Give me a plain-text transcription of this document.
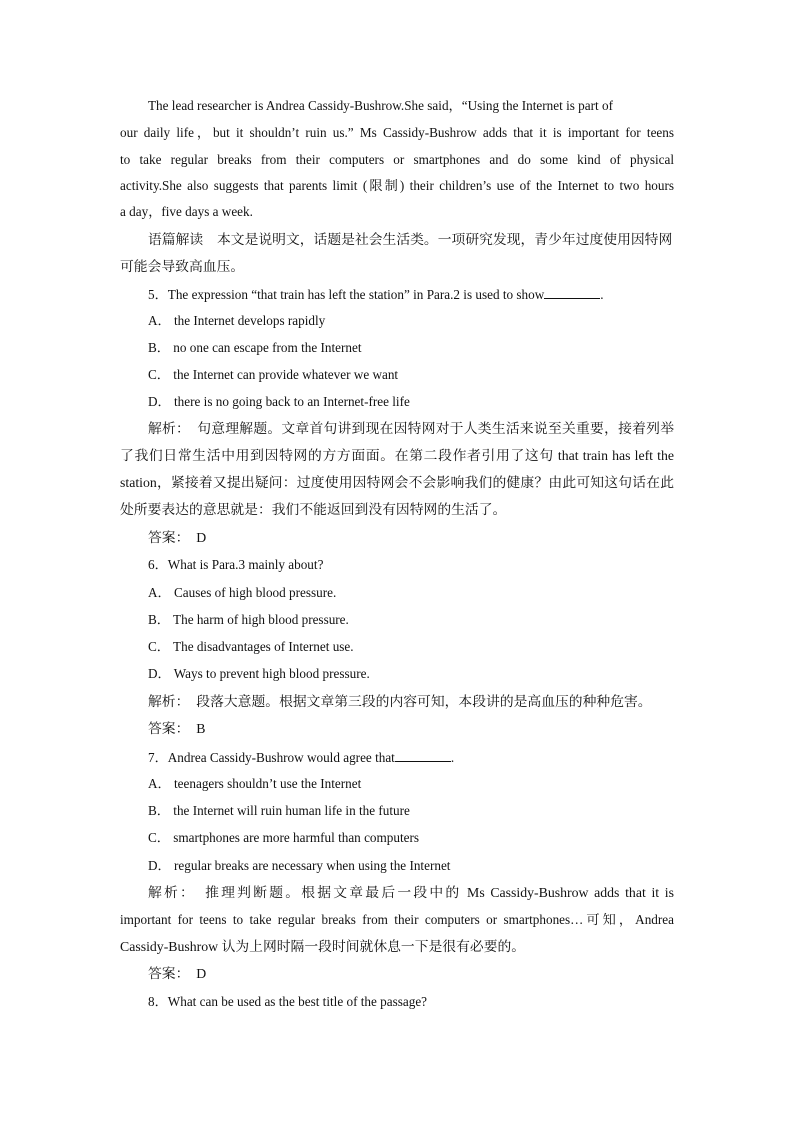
The lead researcher is Andrea Cassidy-Bushrow.She said，“Using the Internet is part of
our daily life，but it shouldn’t ruin us.” Ms Cassidy-Bushrow adds that it is important for teens
to take regular breaks from their computers or smartphones and do some kind of physical
activity.She also suggests that parents limit (限制) their children’s use of the Internet to two hours
a day，five days a week.
语篇解读　本文是说明文，话题是社会生活类。一项研究发现，青少年过度使用因特网
可能会导致高血压。
5．The expression “that train has left the station” in Para.2 is used to show	.
A． the Internet develops rapidly
B． no one can escape from the Internet
C． the Internet can provide whatever we want
D． there is no going back to an Internet-free life
解析：　句意理解题。文章首句讲到现在因特网对于人类生活来说至关重要，接着列举
了我们日常生活中用到因特网的方方面面。在第二段作者引用了这句 that train has left the
station，紧接着又提出疑问：过度使用因特网会不会影响我们的健康？由此可知这句话在此
处所要表达的意思就是：我们不能返回到没有因特网的生活了。
答案：　D
6．What is Para.3 mainly about?
A． Causes of high blood pressure.
B． The harm of high blood pressure.
C． The disadvantages of Internet use.
D． Ways to prevent high blood pressure.
解析：　段落大意题。根据文章第三段的内容可知，本段讲的是高血压的种种危害。
答案：　B
7．Andrea Cassidy-Bushrow would agree that	.
A． teenagers shouldn’t use the Internet
B． the Internet will ruin human life in the future
C． smartphones are more harmful than computers
D． regular breaks are necessary when using the Internet
解析：　推理判断题。根据文章最后一段中的 Ms Cassidy-Bushrow adds that it is
important for teens to take regular breaks from their computers or smartphones…可知，Andrea
Cassidy-Bushrow 认为上网时隔一段时间就休息一下是很有必要的。
答案：　D
8．What can be used as the best title of the passage?
